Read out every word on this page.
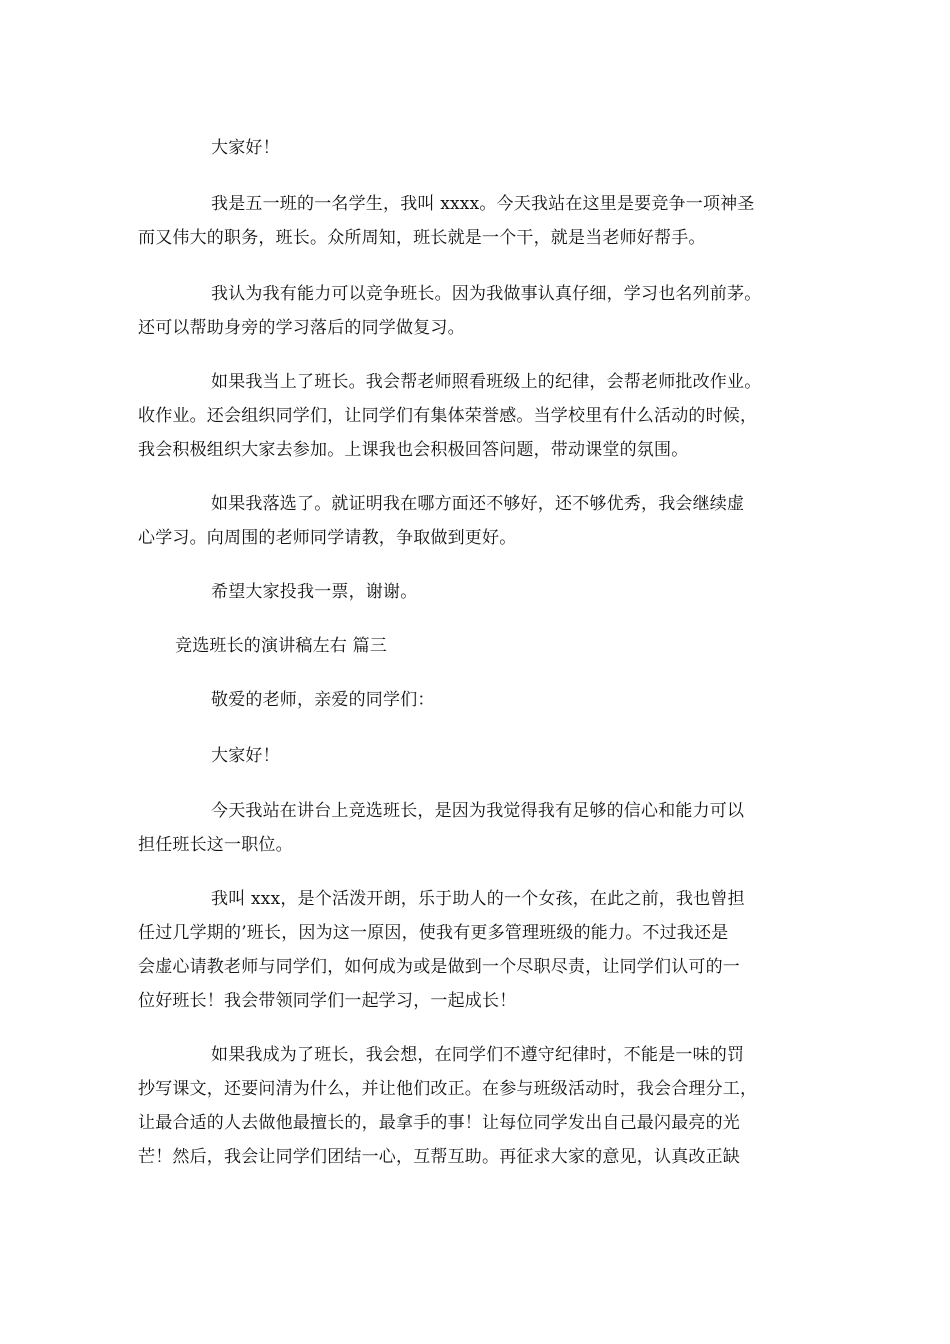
大家好！
我是五一班的一名学生，我叫 xxxx。今天我站在这里是要竞争一项神圣
而又伟大的职务，班长。众所周知，班长就是一个干，就是当老师好帮手。
我认为我有能力可以竞争班长。因为我做事认真仔细，学习也名列前茅。
还可以帮助身旁的学习落后的同学做复习。
如果我当上了班长。我会帮老师照看班级上的纪律，会帮老师批改作业。
收作业。还会组织同学们，让同学们有集体荣誉感。当学校里有什么活动的时候，
我会积极组织大家去参加。上课我也会积极回答问题，带动课堂的氛围。
如果我落选了。就证明我在哪方面还不够好，还不够优秀，我会继续虚
心学习。向周围的老师同学请教，争取做到更好。
希望大家投我一票，谢谢。
竞选班长的演讲稿左右 篇三
敬爱的老师，亲爱的同学们：
大家好！
今天我站在讲台上竞选班长，是因为我觉得我有足够的信心和能力可以
担任班长这一职位。
我叫 xxx，是个活泼开朗，乐于助人的一个女孩，在此之前，我也曾担
任过几学期的’班长，因为这一原因，使我有更多管理班级的能力。不过我还是
会虚心请教老师与同学们，如何成为或是做到一个尽职尽责，让同学们认可的一
位好班长！我会带领同学们一起学习，一起成长！
如果我成为了班长，我会想，在同学们不遵守纪律时，不能是一味的罚
抄写课文，还要问清为什么，并让他们改正。在参与班级活动时，我会合理分工，
让最合适的人去做他最擅长的，最拿手的事！让每位同学发出自己最闪最亮的光
芒！然后，我会让同学们团结一心，互帮互助。再征求大家的意见，认真改正缺
